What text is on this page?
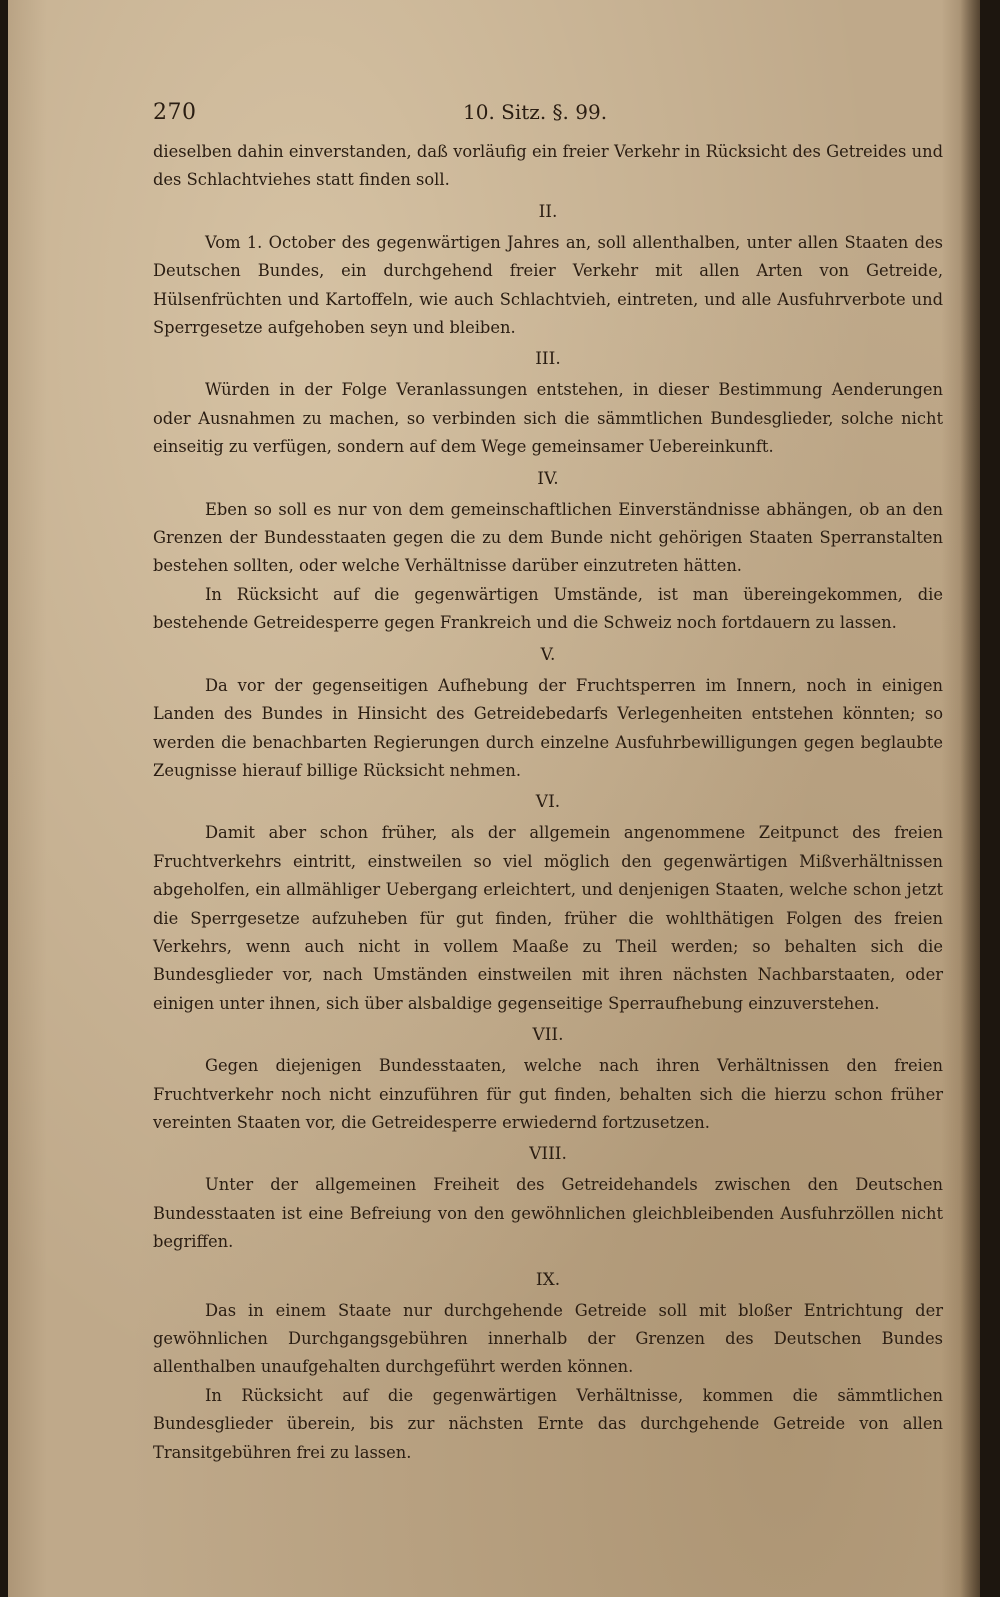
270	10. Sitz. §. 99.

dieselben dahin einverstanden, daß vorläufig ein freier Verkehr in Rücksicht des Getreides und des Schlachtviehes statt finden soll.

II.

Vom 1. October des gegenwärtigen Jahres an, soll allenthalben, unter allen Staaten des Deutschen Bundes, ein durchgehend freier Verkehr mit allen Arten von Getreide, Hülsenfrüchten und Kartoffeln, wie auch Schlachtvieh, eintreten, und alle Ausfuhrverbote und Sperrgesetze aufgehoben seyn und bleiben.

III.

Würden in der Folge Veranlassungen entstehen, in dieser Bestimmung Aenderungen oder Ausnahmen zu machen, so verbinden sich die sämmtlichen Bundesglieder, solche nicht einseitig zu verfügen, sondern auf dem Wege gemeinsamer Uebereinkunft.

IV.

Eben so soll es nur von dem gemeinschaftlichen Einverständnisse abhängen, ob an den Grenzen der Bundesstaaten gegen die zu dem Bunde nicht gehörigen Staaten Sperranstalten bestehen sollten, oder welche Verhältnisse darüber einzutreten hätten.

In Rücksicht auf die gegenwärtigen Umstände, ist man übereingekommen, die bestehende Getreidesperre gegen Frankreich und die Schweiz noch fortdauern zu lassen.

V.

Da vor der gegenseitigen Aufhebung der Fruchtsperren im Innern, noch in einigen Landen des Bundes in Hinsicht des Getreidebedarfs Verlegenheiten entstehen könnten; so werden die benachbarten Regierungen durch einzelne Ausfuhrbewilligungen gegen beglaubte Zeugnisse hierauf billige Rücksicht nehmen.

VI.

Damit aber schon früher, als der allgemein angenommene Zeitpunct des freien Fruchtverkehrs eintritt, einstweilen so viel möglich den gegenwärtigen Mißverhältnissen abgeholfen, ein allmähliger Uebergang erleichtert, und denjenigen Staaten, welche schon jetzt die Sperrgesetze aufzuheben für gut finden, früher die wohlthätigen Folgen des freien Verkehrs, wenn auch nicht in vollem Maaße zu Theil werden; so behalten sich die Bundesglieder vor, nach Umständen einstweilen mit ihren nächsten Nachbarstaaten, oder einigen unter ihnen, sich über alsbaldige gegenseitige Sperraufhebung einzuverstehen.

VII.

Gegen diejenigen Bundesstaaten, welche nach ihren Verhältnissen den freien Fruchtverkehr noch nicht einzuführen für gut finden, behalten sich die hierzu schon früher vereinten Staaten vor, die Getreidesperre erwiedernd fortzusetzen.

VIII.

Unter der allgemeinen Freiheit des Getreidehandels zwischen den Deutschen Bundesstaaten ist eine Befreiung von den gewöhnlichen gleichbleibenden Ausfuhrzöllen nicht begriffen.

IX.

Das in einem Staate nur durchgehende Getreide soll mit bloßer Entrichtung der gewöhnlichen Durchgangsgebühren innerhalb der Grenzen des Deutschen Bundes allenthalben unaufgehalten durchgeführt werden können.

In Rücksicht auf die gegenwärtigen Verhältnisse, kommen die sämmtlichen Bundesglieder überein, bis zur nächsten Ernte das durchgehende Getreide von allen Transitgebühren frei zu lassen.
